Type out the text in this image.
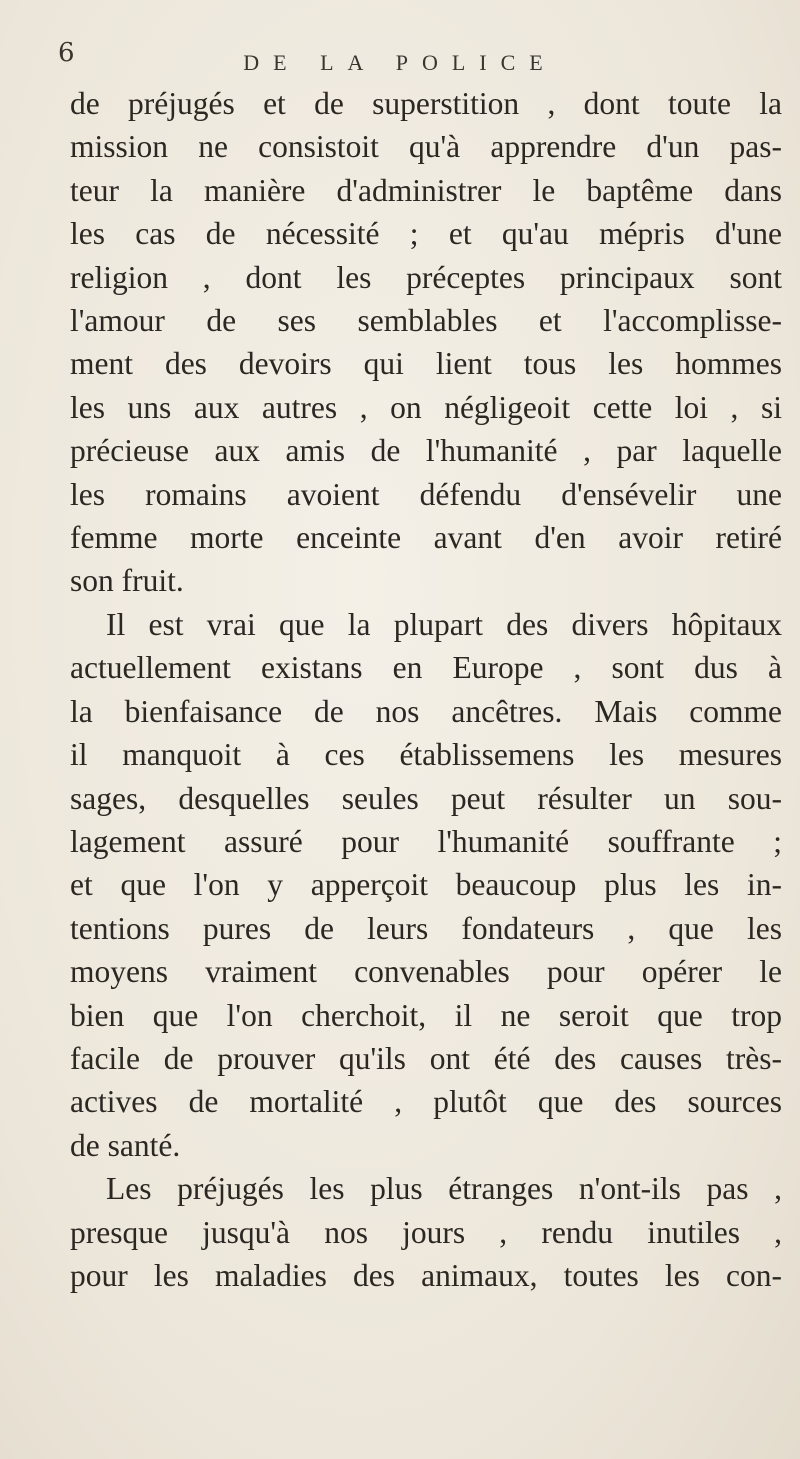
6	DE LA POLICE
de préjugés et de superstition , dont toute la
mission ne consistoit qu'à apprendre d'un pas-
teur la manière d'administrer le baptême dans
les cas de nécessité ; et qu'au mépris d'une
religion , dont les préceptes principaux sont
l'amour de ses semblables et l'accomplisse-
ment des devoirs qui lient tous les hommes
les uns aux autres , on négligeoit cette loi , si
précieuse aux amis de l'humanité , par laquelle
les romains avoient défendu d'ensévelir une
femme morte enceinte avant d'en avoir retiré
son fruit.
Il est vrai que la plupart des divers hôpitaux
actuellement existans en Europe , sont dus à
la bienfaisance de nos ancêtres. Mais comme
il manquoit à ces établissemens les mesures
sages, desquelles seules peut résulter un sou-
lagement assuré pour l'humanité souffrante ;
et que l'on y apperçoit beaucoup plus les in-
tentions pures de leurs fondateurs , que les
moyens vraiment convenables pour opérer le
bien que l'on cherchoit, il ne seroit que trop
facile de prouver qu'ils ont été des causes très-
actives de mortalité , plutôt que des sources
de santé.
Les préjugés les plus étranges n'ont-ils pas ,
presque jusqu'à nos jours , rendu inutiles ,
pour les maladies des animaux, toutes les con-
